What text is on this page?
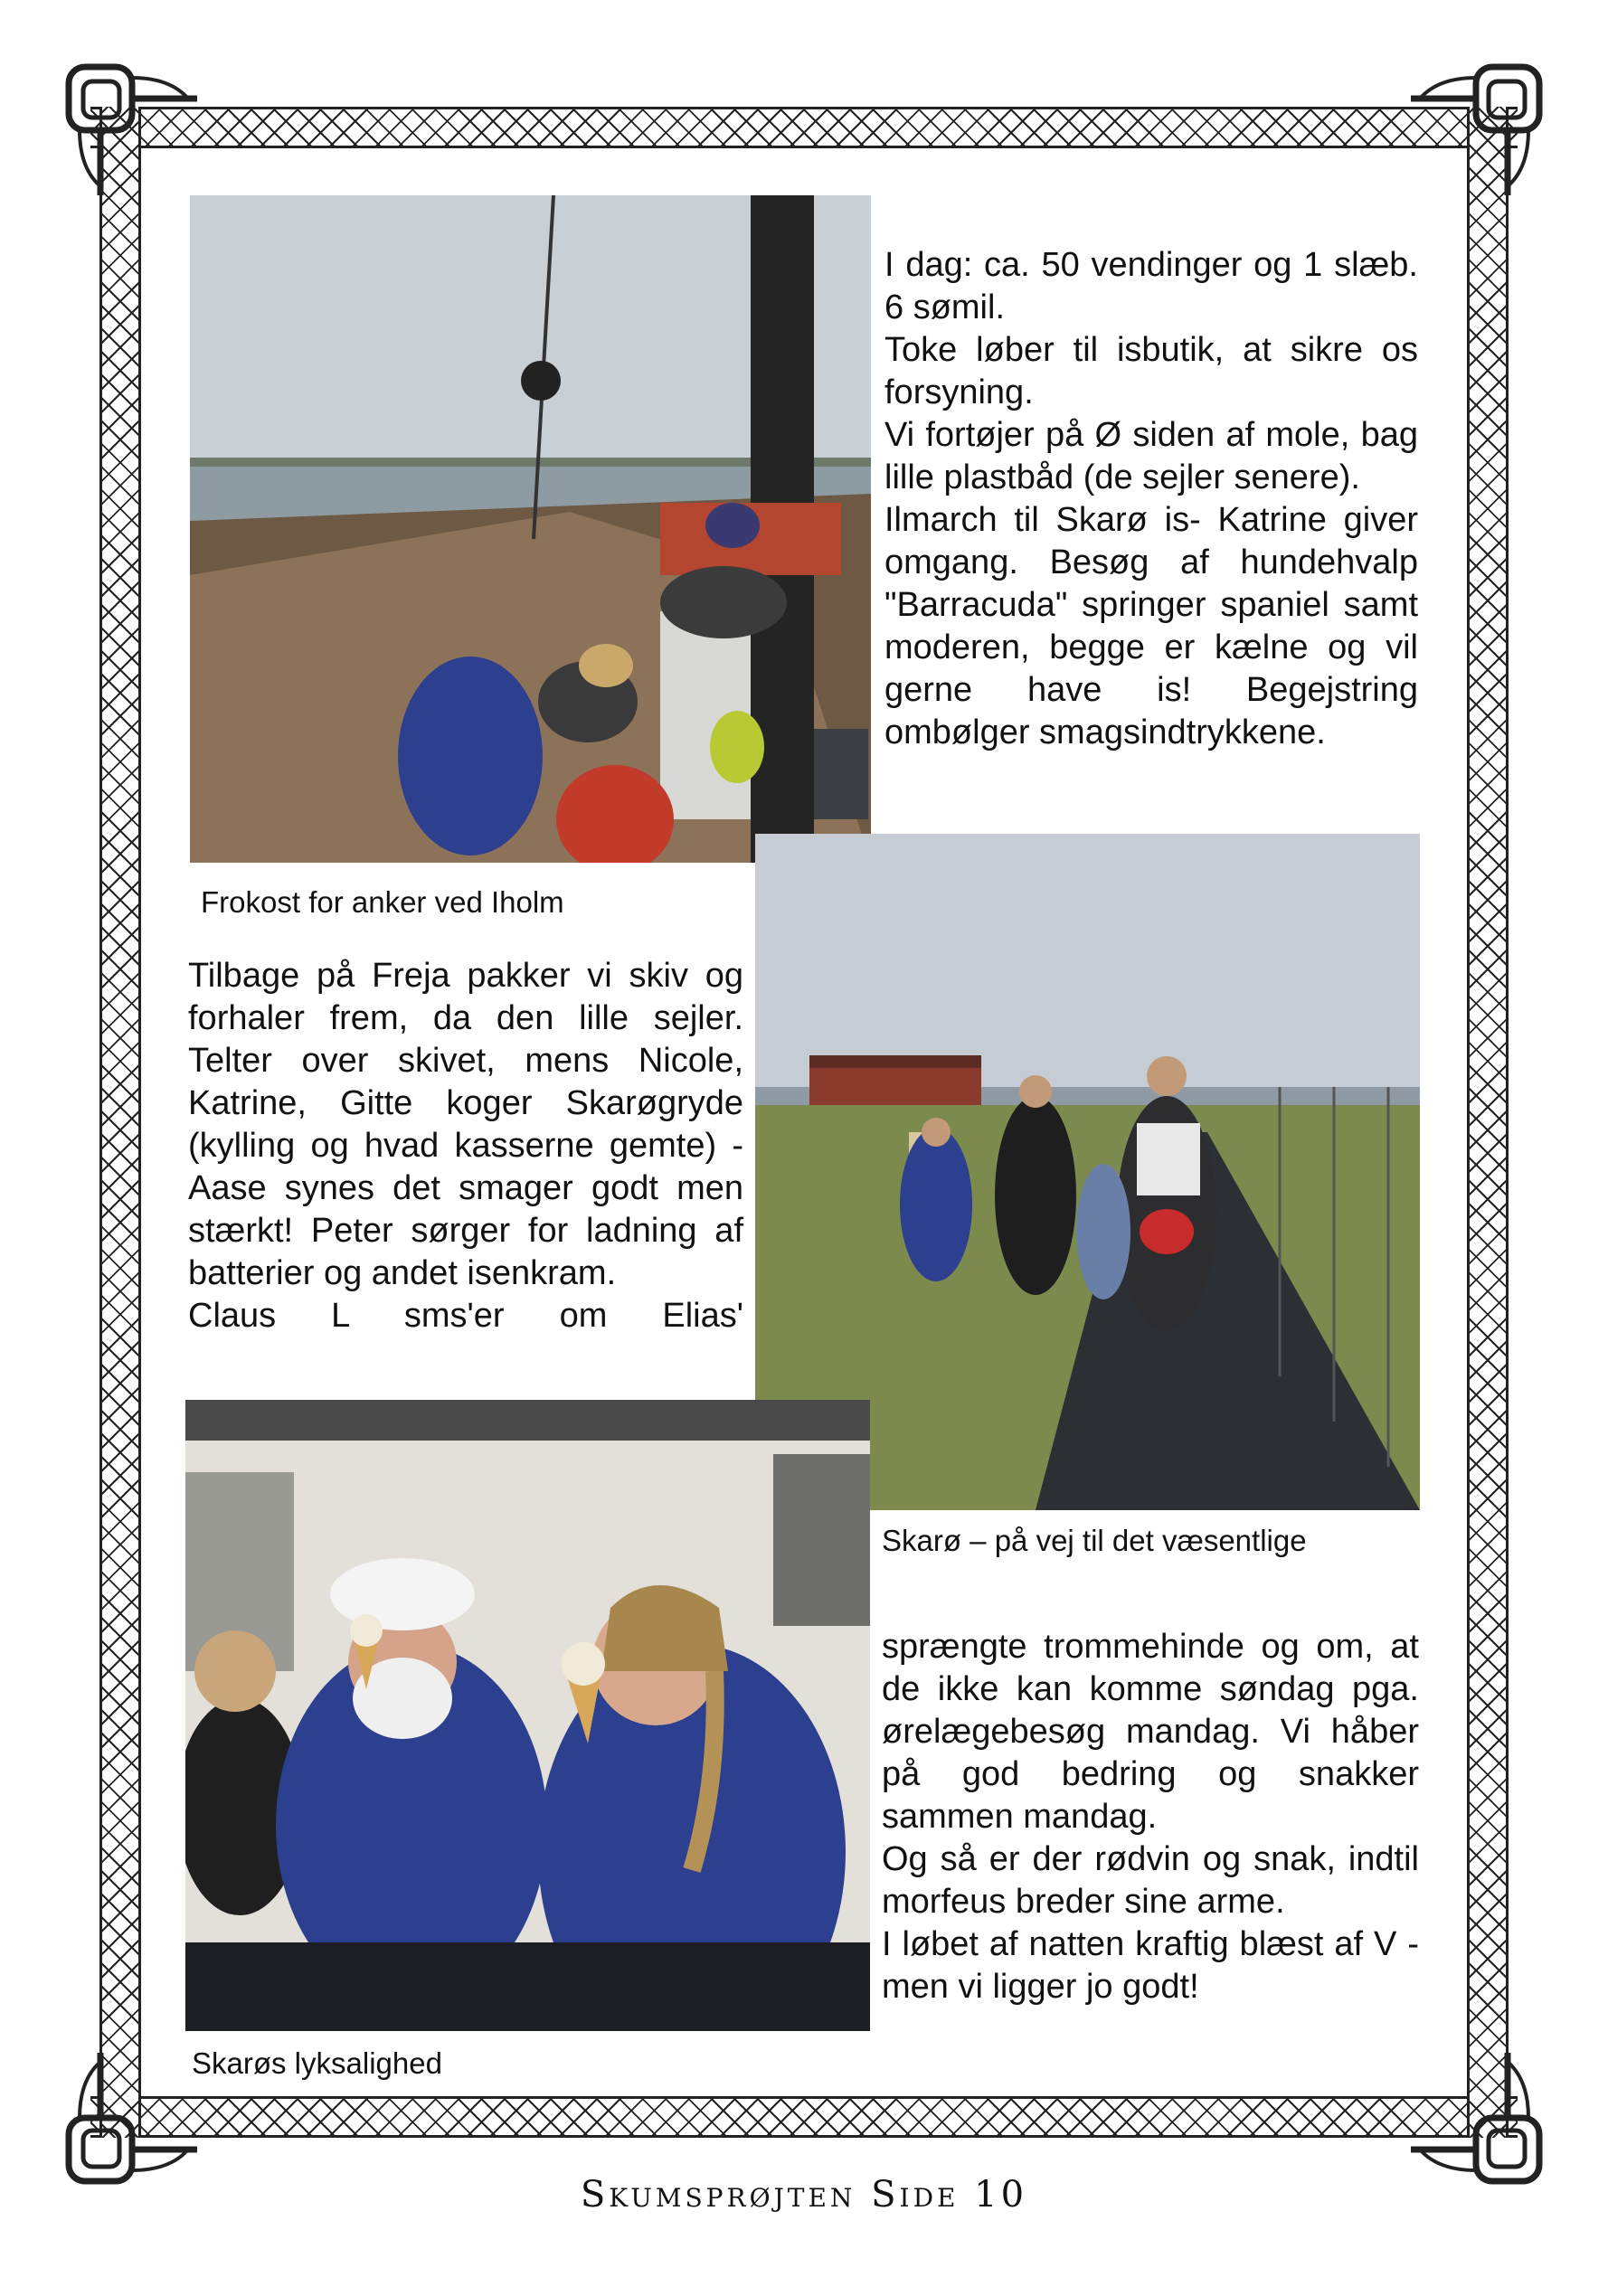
I dag: ca. 50 vendinger og 1 slæb. 6 sømil.

Toke løber til isbutik, at sikre os forsyning.

Vi fortøjer på Ø siden af mole, bag lille plastbåd (de sejler senere).

Ilmarch til Skarø is- Katrine giver omgang. Besøg af hundehvalp "Barracuda" springer spaniel samt moderen, begge er kælne og vil gerne have is! Begejstring ombølger smagsindtrykkene.

Frokost for anker ved Iholm

Tilbage på Freja pakker vi skiv og forhaler frem, da den lille sejler. Telter over skivet, mens Nicole, Katrine, Gitte koger Skarøgryde (kylling og hvad kasserne gemte) - Aase synes det smager godt men stærkt! Peter sørger for ladning af batterier og andet isenkram.

Claus L sms'er om Elias'

Skarø – på vej til det væsentlige

sprængte trommehinde og om, at de ikke kan komme søndag pga. ørelægebesøg mandag. Vi håber på god bedring og snakker sammen mandag.

Og så er der rødvin og snak, indtil morfeus breder sine arme.

I løbet af natten kraftig blæst af V - men vi ligger jo godt!

Skarøs lyksalighed
Skumsprøjten Side 10
